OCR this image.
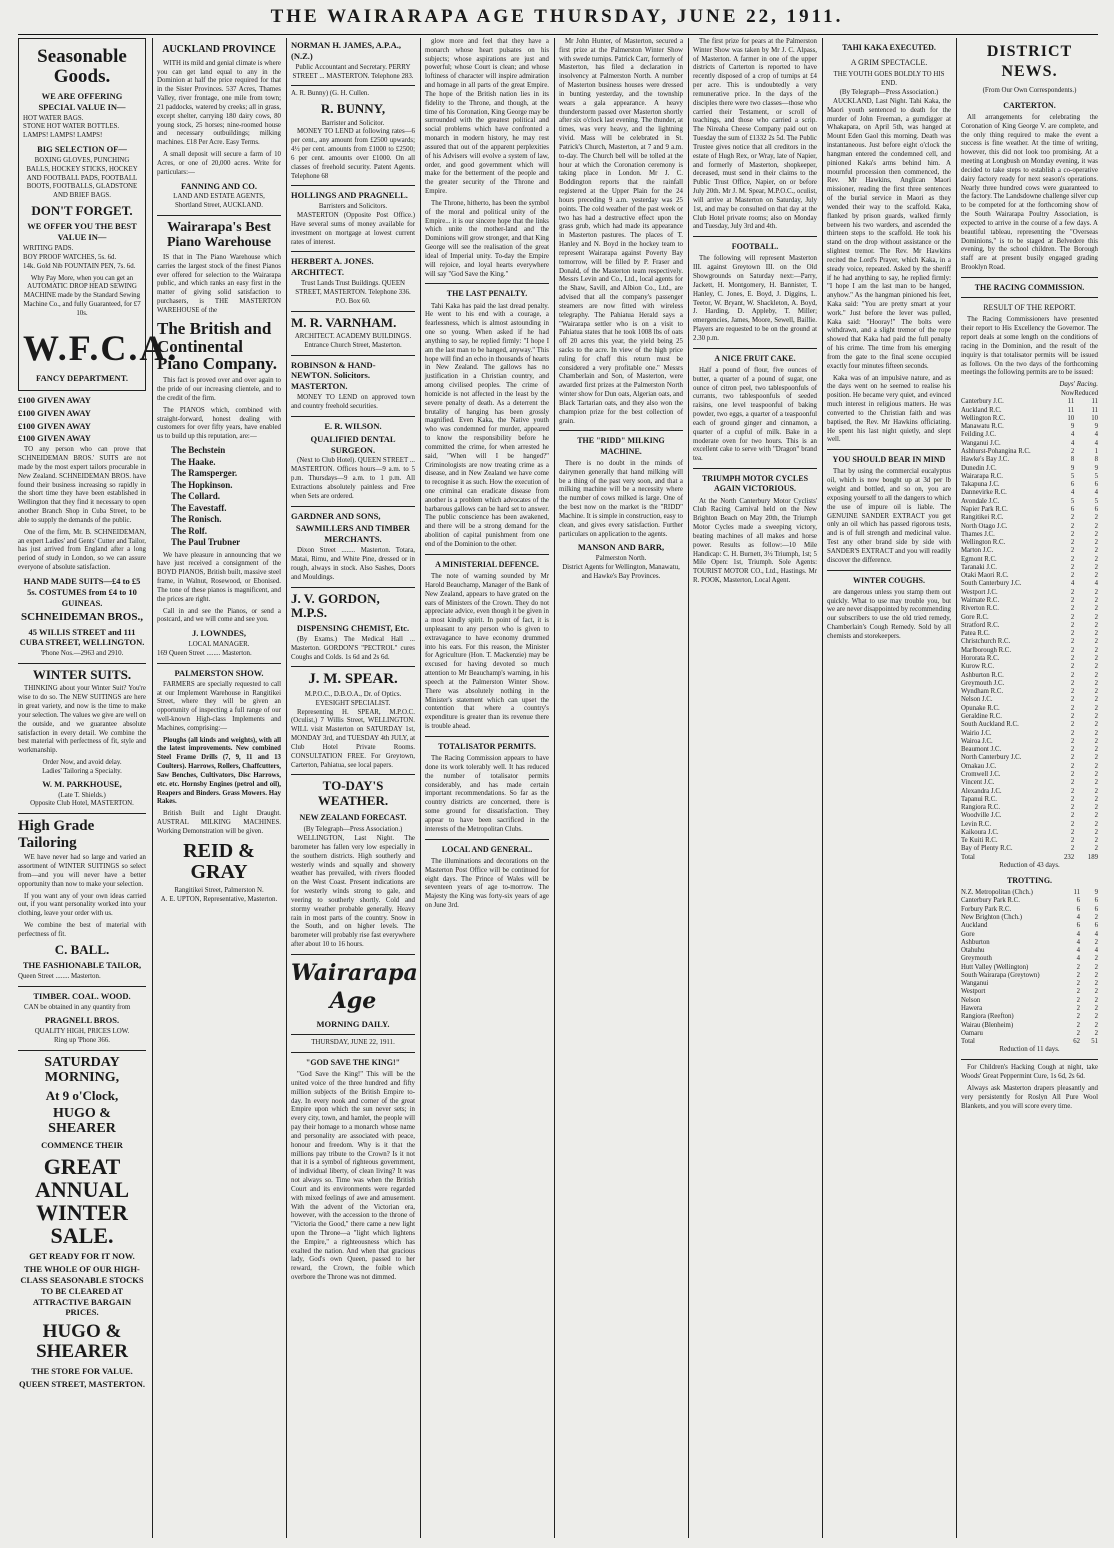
THE WAIRARAPA AGE THURSDAY, JUNE 22, 1911.
Seasonable Goods.
WE ARE OFFERING SPECIAL VALUE IN—
HOT WATER BAGS.
STONE HOT WATER BOTTLES.
LAMPS! LAMPS! LAMPS!
BIG SELECTION OF—
BOXING GLOVES, PUNCHING BALLS, HOCKEY STICKS, HOCKEY AND FOOTBALL PADS, FOOTBALL BOOTS, FOOTBALLS, GLADSTONE AND BRIEF BAGS.
DON'T FORGET.
WE OFFER YOU THE BEST VALUE IN—
WRITING PADS.
BOY PROOF WATCHES, 5s. 6d.
14k. Gold Nib FOUNTAIN PEN, 7s. 6d.
Why Pay More, when you can get an AUTOMATIC DROP HEAD SEWING MACHINE made by the Standard Sewing Machine Co., and fully Guaranteed, for £7 10s.
W.F.C.A.
FANCY DEPARTMENT.
£100 GIVEN AWAY
£100 GIVEN AWAY
£100 GIVEN AWAY
£100 GIVEN AWAY

TO any person who can prove that SCHNEIDEMAN BROS.' SUITS are not made by the most expert tailors procurable in New Zealand. SCHNEIDEMAN BROS. have found their business increasing so rapidly in the short time they have been established in Wellington that they find it necessary to open another Branch Shop in Cuba Street, to be able to supply the demands of the public.

One of the firm, Mr. B. SCHNEIDEMAN, an expert Ladies' and Gents' Cutter and Tailor, has just arrived from England after a long period of study in London, so we can assure everyone of absolute satisfaction.

HAND MADE SUITS—£4 to £5 5s. COSTUMES from £4 to 10 GUINEAS.
SCHNEIDEMAN BROS.,
45 WILLIS STREET and 111 CUBA STREET, WELLINGTON.
'Phone Nos.—2963 and 2910.
WINTER SUITS.

THINKING about your Winter Suit? You're wise to do so. The NEW SUITINGS are here in great variety, and now is the time to make your selection. The values we give are well on the outside, and we guarantee absolute satisfaction in every detail. We combine the best material with perfectness of fit, style and workmanship.

Order Now, and avoid delay.
Ladies' Tailoring a Specialty.
W. M. PARKHOUSE,
(Late T. Shields.)
Opposite Club Hotel, MASTERTON.
High Grade Tailoring

WE have never had so large and varied an assortment of WINTER SUITINGS so select from—and you will never have a better opportunity than now to make your selection.

If you want any of your own ideas carried out, if you want personality worked into your clothing, leave your order with us.

We combine the best of material with perfectness of fit.

C. BALL.
THE FASHIONABLE TAILOR,
Queen Street ........ Masterton.
TIMBER. COAL. WOOD.

CAN be obtained in any quantity from

PRAGNELL BROS.
QUALITY HIGH, PRICES LOW.
Ring up 'Phone 366.
SATURDAY MORNING,
At 9 o'Clock,
HUGO & SHEARER
COMMENCE THEIR
GREAT ANNUAL WINTER SALE.
GET READY FOR IT NOW.
THE WHOLE OF OUR HIGH-CLASS SEASONABLE STOCKS TO BE CLEARED AT ATTRACTIVE BARGAIN PRICES.
HUGO & SHEARER
THE STORE FOR VALUE.
QUEEN STREET, MASTERTON.
AUCKLAND PROVINCE

WITH its mild and genial climate is where you can get land equal to any in the Dominion at half the price required for that in the Sister Provinces. 537 Acres, Thames Valley, river frontage, one mile from town; 21 paddocks, watered by creeks; all in grass, except shelter, carrying 180 dairy cows, 80 young stock, 25 horses; nine-roomed house and necessary outbuildings; milking machines. £18 Per Acre. Easy Terms.

A small deposit will secure a farm of 10 Acres, or one of 20,000 acres. Write for particulars:—

FANNING AND CO.
LAND AND ESTATE AGENTS,
Shortland Street, AUCKLAND.
Wairarapa's Best Piano Warehouse

IS that in The Piano Warehouse which carries the largest stock of the finest Pianos ever offered for selection to the Wairarapa public, and which ranks an easy first in the matter of giving solid satisfaction to purchasers, is THE MASTERTON WAREHOUSE of the

The British and Continental Piano Company.

This fact is proved over and over again to the pride of our increasing clientele, and to the credit of the firm.

The PIANOS which, combined with straight-forward, honest dealing with customers for over fifty years, have enabled us to build up this reputation, are:—

The Bechstein
The Haake.
The Ramsperger.
The Hopkinson.
The Collard.
The Eavestaff.
The Ronisch.
The Rolf.
The Paul Trubner

We have pleasure in announcing that we have just received a consignment of the BOYD PIANOS, British built, massive steel frame, in Walnut, Rosewood, or Ebonised. The tone of these pianos is magnificent, and the prices are right.

Call in and see the Pianos, or send a postcard, and we will come and see you.

J. LOWNDES,
LOCAL MANAGER.
169 Queen Street ........ Masterton.
PALMERSTON SHOW.

FARMERS are specially requested to call at our Implement Warehouse in Rangitikei Street, where they will be given an opportunity of inspecting a full range of our well-known High-class Implements and Machines, comprising:—

Ploughs (all kinds and weights), with all the latest improvements. New combined Steel Frame Drills (7, 9, 11 and 13 Coulters). Harrows, Rollers, Chaffcutters, Saw Benches, Cultivators, Disc Harrows, etc. etc. Hornsby Engines (petrol and oil), Reapers and Binders. Grass Mowers. Hay Rakes.

British Built and Light Draught. AUSTRAL MILKING MACHINES. Working Demonstration will be given.

REID & GRAY
Rangitikei Street, Palmerston N.
A. E. UPTON, Representative, Masterton.
NORMAN H. JAMES, A.P.A., (N.Z.)
Public Accountant and Secretary. PERRY STREET ... MASTERTON. Telephone 283.
A. R. Bunny) (G. H. Cullen.
R. BUNNY,
Barrister and Solicitor.

MONEY TO LEND at following rates—6 per cent., any amount from £2500 upwards; 4½ per cent. amounts from £1000 to £2500; 6 per cent. amounts over £1000. On all classes of freehold security. Patent Agents. Telephone 68

HOLLINGS AND PRAGNELL.
Barristers and Solicitors.

MASTERTON (Opposite Post Office.) Have several sums of money available for investment on mortgage at lowest current rates of interest.

HERBERT A. JONES. ARCHITECT.
Trust Lands Trust Buildings. QUEEN STREET, MASTERTON. Telephone 336. P.O. Box 60.
M. R. VARNHAM.
ARCHITECT. ACADEMY BUILDINGS. Entrance Church Street, Masterton.
ROBINSON & HAND-NEWTON. Solicitors. MASTERTON.

MONEY TO LEND on approved town and country freehold securities.

E. R. WILSON.
QUALIFIED DENTAL SURGEON.

(Next to Club Hotel). QUEEN STREET ... MASTERTON. Offices hours—9 a.m. to 5 p.m. Thursdays—9 a.m. to 1 p.m. All Extractions absolutely painless and Free when Sets are ordered.

GARDNER AND SONS,
SAWMILLERS AND TIMBER MERCHANTS.

Dixon Street ........ Masterton. Totara, Matai, Rimu, and White Pine, dressed or in rough, always in stock. Also Sashes, Doors and Mouldings.

J. V. GORDON, M.P.S.
DISPENSING CHEMIST, Etc.

(By Exams.) The Medical Hall ... Masterton. GORDON'S "PECTROL" cures Coughs and Colds. 1s 6d and 2s 6d.

J. M. SPEAR.
M.P.O.C., D.B.O.A., Dr. of Optics. EYESIGHT SPECIALIST.

Representing H. SPEAR, M.P.O.C. (Oculist,) 7 Willis Street, WELLINGTON. WILL visit Masterton on SATURDAY 1st, MONDAY 3rd, and TUESDAY 4th JULY, at Club Hotel Private Rooms. CONSULTATION FREE. For Greytown, Carterton, Pahiatua, see local papers.

TO-DAY'S WEATHER.
NEW ZEALAND FORECAST.
(By Telegraph—Press Association.)

WELLINGTON, Last Night. The barometer has fallen very low especially in the southern districts. High southerly and westerly winds and squally and showery weather has prevailed, with rivers flooded on the West Coast. Present indications are for westerly winds strong to gale, and veering to southerly shortly. Cold and stormy weather probable generally. Heavy rain in most parts of the country. Snow in the South, and on higher levels. The barometer will probably rise fast everywhere after about 10 to 16 hours.

Wairarapa Age
MORNING DAILY.
THURSDAY, JUNE 22, 1911.
"GOD SAVE THE KING!"

"God Save the King!" This will be the united voice of the three hundred and fifty million subjects of the British Empire to-day. In every nook and corner of the great Empire upon which the sun never sets; in every city, town, and hamlet, the people will pay their homage to a monarch whose name and personality are associated with peace, honour and freedom. Why is it that the millions pay tribute to the Crown? Is it not that it is a symbol of righteous government, of individual liberty, of clean living? It was not always so. Time was when the British Court and its environments were regarded with mixed feelings of awe and amusement. With the advent of the Victorian era, however, with the accession to the throne of "Victoria the Good," there came a new light upon the Throne—a "light which lightens the Empire," a righteousness which has exalted the nation. And when that gracious lady, God's own Queen, passed to her reward, the Crown, the foible which overbore the Throne was not dimmed.

glow more and feel that they have a monarch whose heart pulsates on his subjects; whose aspirations are just and powerful; whose Court is clean; and whose loftiness of character will inspire admiration and homage in all parts of the great Empire. The hope of the British nation lies in its fidelity to the Throne, and though, at the time of his Coronation, King George may be surrounded with the greatest political and social problems which have confronted a monarch in modern history, he may rest assured that out of the apparent perplexities of his Advisers will evolve a system of law, order, and good government which will make for the betterment of the people and the greater security of the Throne and Empire.

The Throne, hitherto, has been the symbol of the moral and political unity of the Empire... it is our sincere hope that the links which unite the mother-land and the Dominions will grow stronger, and that King George will see the realisation of the great ideal of Imperial unity. To-day the Empire will rejoice, and loyal hearts everywhere will say "God Save the King."

THE LAST PENALTY.

Tahi Kaka has paid the last dread penalty. He went to his end with a courage, a fearlessness, which is almost astounding in one so young. When asked if he had anything to say, he replied firmly: "I hope I am the last man to be hanged, anyway." This hope will find an echo in thousands of hearts in New Zealand. The gallows has no justification in a Christian country, and among civilised peoples. The crime of homicide is not affected in the least by the severe penalty of death. As a deterrent the brutality of hanging has been grossly magnified. Even Kaka, the Native youth who was condemned for murder, appeared to know the responsibility before he committed the crime, for when arrested he said, "When will I be hanged?" Criminologists are now treating crime as a disease, and in New Zealand we have come to recognise it as such. How the execution of one criminal can eradicate disease from another is a problem which advocates of the barbarous gallows can be hard set to answer. The public conscience has been awakened, and there will be a strong demand for the abolition of capital punishment from one end of the Dominion to the other.

A MINISTERIAL DEFENCE.

The note of warning sounded by Mr Harold Beauchamp, Manager of the Bank of New Zealand, appears to have grated on the ears of Ministers of the Crown. They do not appreciate advice, even though it be given in a most kindly spirit. In point of fact, it is unpleasant to any person who is given to extravagance to have economy drummed into his ears. For this reason, the Minister for Agriculture (Hon. T. Mackenzie) may be excused for having devoted so much attention to Mr Beauchamp's warning, in his speech at the Palmerston Winter Show. There was absolutely nothing in the Minister's statement which can upset the contention that where a country's expenditure is greater than its revenue there is trouble ahead.

TOTALISATOR PERMITS.

The Racing Commission appears to have done its work tolerably well. It has reduced the number of totalisator permits considerably, and has made certain important recommendations. So far as the country districts are concerned, there is some ground for dissatisfaction. They appear to have been sacrificed in the interests of the Metropolitan Clubs.

LOCAL AND GENERAL.

The illuminations and decorations on the Masterton Post Office will be continued for eight days. The Prince of Wales will be seventeen years of age to-morrow. The Majesty the King was forty-six years of age on June 3rd.

Mr John Hunter, of Masterton, secured a first prize at the Palmerston Winter Show with swede turnips. Patrick Carr, formerly of Masterton, has filed a declaration in insolvency at Palmerston North. A number of Masterton business houses were dressed in bunting yesterday, and the township wears a gala appearance. A heavy thunderstorm passed over Masterton shortly after six o'clock last evening. The thunder, at times, was very heavy, and the lightning vivid. Mass will be celebrated in St. Patrick's Church, Masterton, at 7 and 9 a.m. to-day. The Church bell will be tolled at the hour at which the Coronation ceremony is taking place in London. Mr J. C. Boddington reports that the rainfall registered at the Upper Plain for the 24 hours preceding 9 a.m. yesterday was 25 points. The cold weather of the past week or two has had a destructive effect upon the grass grub, which had made its appearance in Masterton pastures. The places of T. Hanley and N. Boyd in the hockey team to represent Wairarapa against Poverty Bay tomorrow, will be filled by P. Fraser and Donald, of the Masterton team respectively. Messrs Levin and Co., Ltd., local agents for the Shaw, Savill, and Albion Co., Ltd., are advised that all the company's passenger steamers are now fitted with wireless telegraphy. The Pahiatua Herald says a "Wairarapa settler who is on a visit to Pahiatua states that he took 1008 lbs of oats off 20 acres this year, the yield being 25 sacks to the acre. In view of the high price ruling for chaff this return must be considered a very profitable one." Messrs Chamberlain and Son, of Masterton, were awarded first prizes at the Palmerston North winter show for Dun oats, Algerian oats, and Black Tartarian oats, and they also won the champion prize for the best collection of grain.

THE "RIDD" MILKING MACHINE.

There is no doubt in the minds of dairymen generally that hand milking will be a thing of the past very soon, and that a milking machine will be a necessity where the number of cows milked is large. One of the best now on the market is the "RIDD" Machine. It is simple in construction, easy to clean, and gives every satisfaction. Further particulars on application to the agents.

MANSON AND BARR,
Palmerston North.
District Agents for Wellington, Manawatu, and Hawke's Bay Provinces.

The first prize for pears at the Palmerston Winter Show was taken by Mr J. C. Alpass, of Masterton. A farmer in one of the upper districts of Carterton is reported to have recently disposed of a crop of turnips at £4 per acre. This is undoubtedly a very remunerative price. In the days of the disciples there were two classes—those who carried their Testament, or scroll of teachings, and those who carried a scrip. The Nireaha Cheese Company paid out on Tuesday the sum of £1332 2s 5d. The Public Trustee gives notice that all creditors in the estate of Hugh Rex, or Wray, late of Napier, and formerly of Masterton, shopkeeper, deceased, must send in their claims to the Public Trust Office, Napier, on or before July 20th. Mr J. M. Spear, M.P.O.C., oculist, will arrive at Masterton on Saturday, July 1st, and may be consulted on that day at the Club Hotel private rooms; also on Monday and Tuesday, July 3rd and 4th.

FOOTBALL.

The following will represent Masterton III. against Greytown III. on the Old Showgrounds on Saturday next:—Parry, Jackett, H. Montgomery, H. Bannister, T. Hanley, C. Jones, E. Boyd, J. Diggins, L. Teetor, W. Bryant, W. Shackleton, A. Boyd, J. Harding, D. Appleby, T. Miller; emergencies, James, Moore, Sewell, Baillie. Players are requested to be on the ground at 2.30 p.m.

A NICE FRUIT CAKE.

Half a pound of flour, five ounces of butter, a quarter of a pound of sugar, one ounce of citron peel, two tablespoonfuls of currants, two tablespoonfuls of seeded raisins, one level teaspoonful of baking powder, two eggs, a quarter of a teaspoonful each of ground ginger and cinnamon, a quarter of a cupful of milk. Bake in a moderate oven for two hours. This is an excellent cake to serve with "Dragon" brand tea.

TRIUMPH MOTOR CYCLES AGAIN VICTORIOUS.

At the North Canterbury Motor Cyclists' Club Racing Carnival held on the New Brighton Beach on May 20th, the Triumph Motor Cycles made a sweeping victory, beating machines of all makes and horse power. Results as follow:—10 Mile Handicap: C. H. Burnett, 3½ Triumph, 1st; 5 Mile Open: 1st, Triumph. Sole Agents: TOURIST MOTOR CO., Ltd., Hastings. Mr R. POOK, Masterton, Local Agent.

TAHI KAKA EXECUTED.
A GRIM SPECTACLE.
THE YOUTH GOES BOLDLY TO HIS END.
(By Telegraph—Press Association.)

AUCKLAND, Last Night. Tahi Kaka, the Maori youth sentenced to death for the murder of John Freeman, a gumdigger at Whakapara, on April 5th, was hanged at Mount Eden Gaol this morning. Death was instantaneous. Just before eight o'clock the hangman entered the condemned cell, and pinioned Kaka's arms behind him. A mournful procession then commenced, the Rev. Mr Hawkins, Anglican Maori missioner, reading the first three sentences of the burial service in Maori as they wended their way to the scaffold. Kaka, flanked by prison guards, walked firmly between his two warders, and ascended the thirteen steps to the scaffold. He took his stand on the drop without assistance or the slightest tremor. The Rev. Mr Hawkins recited the Lord's Prayer, which Kaka, in a steady voice, repeated. Asked by the sheriff if he had anything to say, he replied firmly: "I hope I am the last man to be hanged, anyhow." As the hangman pinioned his feet, Kaka said: "You are pretty smart at your work." Just before the lever was pulled, Kaka said: "Hooray!" The bolts were withdrawn, and a slight tremor of the rope showed that Kaka had paid the full penalty of his crime. The time from his emerging from the gate to the final scene occupied exactly four minutes fifteen seconds.

Kaka was of an impulsive nature, and as the days went on he seemed to realise his position. He became very quiet, and evinced much interest in religious matters. He was converted to the Christian faith and was baptised, the Rev. Mr Hawkins officiating. He spent his last night quietly, and slept well.

YOU SHOULD BEAR IN MIND

That by using the commercial eucalyptus oil, which is now bought up at 3d per lb weight and bottled, and so on, you are exposing yourself to all the dangers to which the use of impure oil is liable. The GENUINE SANDER EXTRACT you get only an oil which has passed rigorous tests, and is of full strength and medicinal value. Test any other brand side by side with SANDER'S EXTRACT and you will readily discover the difference.

WINTER COUGHS.

are dangerous unless you stamp them out quickly. What to use may trouble you, but we are never disappointed by recommending our subscribers to use the old tried remedy, Chamberlain's Cough Remedy. Sold by all chemists and storekeepers.

DISTRICT NEWS.
(From Our Own Correspondents.)
CARTERTON.

All arrangements for celebrating the Coronation of King George V. are complete, and the only thing required to make the event a success is fine weather. At the time of writing, however, this did not look too promising. At a meeting at Longbush on Monday evening, it was decided to take steps to establish a co-operative dairy factory ready for next season's operations. Nearly three hundred cows were guaranteed to the factory. The Landsdowne challenge silver cup to be competed for at the forthcoming show of the South Wairarapa Poultry Association, is expected to arrive in the course of a few days. A beautiful tableau, representing the "Overseas Dominions," is to be staged at Belvedere this evening, by the school children. The Borough staff are at present busily engaged grading Brooklyn Road.

THE RACING COMMISSION.
RESULT OF THE REPORT.

The Racing Commissioners have presented their report to His Excellency the Governor. The report deals at some length on the conditions of racing in the Dominion, and the result of the inquiry is that totalisator permits will be issued as follows. On the two days of the forthcoming meetings the following permits are to be issued:

Days' Racing.
	Now	Reduced
Canterbury J.C.	11	11
Auckland R.C.	11	11
Wellington R.C.	10	10
Manawatu R.C.	9	9
Feilding J.C.	4	4
Wanganui J.C.	4	4
Ashhurst-Pohangina R.C.	2	1
Hawke's Bay J.C.	8	8
Dunedin J.C.	9	9
Wairarapa R.C.	5	5
Takapuna J.C.	6	6
Dannevirke R.C.	4	4
Avondale J.C.	5	5
Napier Park R.C.	6	6
Rangitikei R.C.	2	2
North Otago J.C.	2	2
Thames J.C.	2	2
Wellington R.C.	2	2
Marton J.C.	2	2
Egmont R.C.	2	2
Taranaki J.C.	2	2
Otaki Maori R.C.	2	2
South Canterbury J.C.	4	4
Westport J.C.	2	2
Waimate R.C.	2	2
Riverton R.C.	2	2
Gore R.C.	2	2
Stratford R.C.	2	2
Patea R.C.	2	2
Christchurch R.C.	2	2
Marlborough R.C.	2	2
Hororata R.C.	2	2
Kurow R.C.	2	2
Ashburton R.C.	2	2
Greymouth J.C.	2	2
Wyndham R.C.	2	2
Nelson J.C.	2	2
Opunake R.C.	2	2
Geraldine R.C.	2	2
South Auckland R.C.	2	2
Wairio J.C.	2	2
Wairoa J.C.	2	2
Beaumont J.C.	2	2
North Canterbury J.C.	2	2
Omakau J.C.	2	2
Cromwell J.C.	2	2
Vincent J.C.	2	2
Alexandra J.C.	2	2
Tapanui R.C.	2	2
Rangiora R.C.	2	2
Woodville J.C.	2	2
Levin R.C.	2	2
Kaikoura J.C.	2	2
Te Kuiti R.C.	2	2
Bay of Plenty R.C.	2	2
Total	232	189
Reduction of 43 days.
TROTTING.
N.Z. Metropolitan (Chch.)	11	9
Canterbury Park R.C.	6	6
Forbury Park R.C.	6	6
New Brighton (Chch.)	4	2
Auckland	6	6
Gore	4	4
Ashburton	4	2
Otahuhu	4	4
Greymouth	4	2
Hutt Valley (Wellington)	2	2
South Wairarapa (Greytown)	2	2
Wanganui	2	2
Westport	2	2
Nelson	2	2
Hawera	2	2
Rangiora (Reefton)	2	2
Wairau (Blenheim)	2	2
Oamaru	2	2
Total	62	51
Reduction of 11 days.

For Children's Hacking Cough at night, take Woods' Great Peppermint Cure, 1s 6d, 2s 6d.

Always ask Masterton drapers pleasantly and very persistently for Roslyn All Pure Wool Blankets, and you will score every time.
